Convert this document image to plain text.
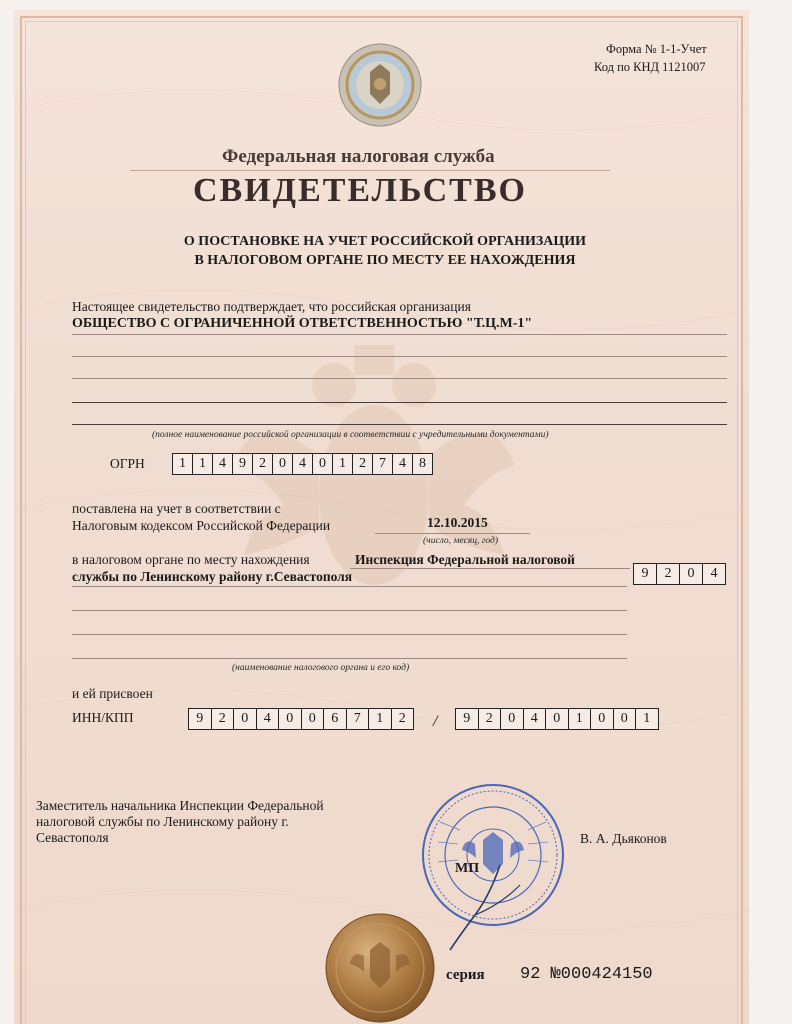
Форма № 1-1-Учет
Код по КНД 1121007
Федеральная налоговая служба
СВИДЕТЕЛЬСТВО
О ПОСТАНОВКЕ НА УЧЕТ РОССИЙСКОЙ ОРГАНИЗАЦИИ
В НАЛОГОВОМ ОРГАНЕ ПО МЕСТУ ЕЕ НАХОЖДЕНИЯ
Настоящее свидетельство подтверждает, что российская организация
ОБЩЕСТВО С ОГРАНИЧЕННОЙ ОТВЕТСТВЕННОСТЬЮ "Т.Ц.М-1"
(полное наименование российской организации в соответствии с учредительными документами)
ОГРН	1 1 4 9 2 0 4 0 1 2 7 4 8
поставлена на учет в соответствии с
Налоговым кодексом Российской Федерации	12.10.2015
(число, месяц, год)
в налоговом органе по месту нахождения	Инспекция Федеральной налоговой
службы по Ленинскому району г.Севастополя	9	2	0	4
(наименование налогового органа и его код)
и ей присвоен
ИНН/КПП	9	2	0	4	0	0	6	7	1	2	/	9	2	0	4	0	1	0	0	1
Заместитель начальника Инспекции Федеральной
налоговой службы по Ленинскому району г.
Севастополя	В. А. Дьяконов
МП
серия 92 №000424150
